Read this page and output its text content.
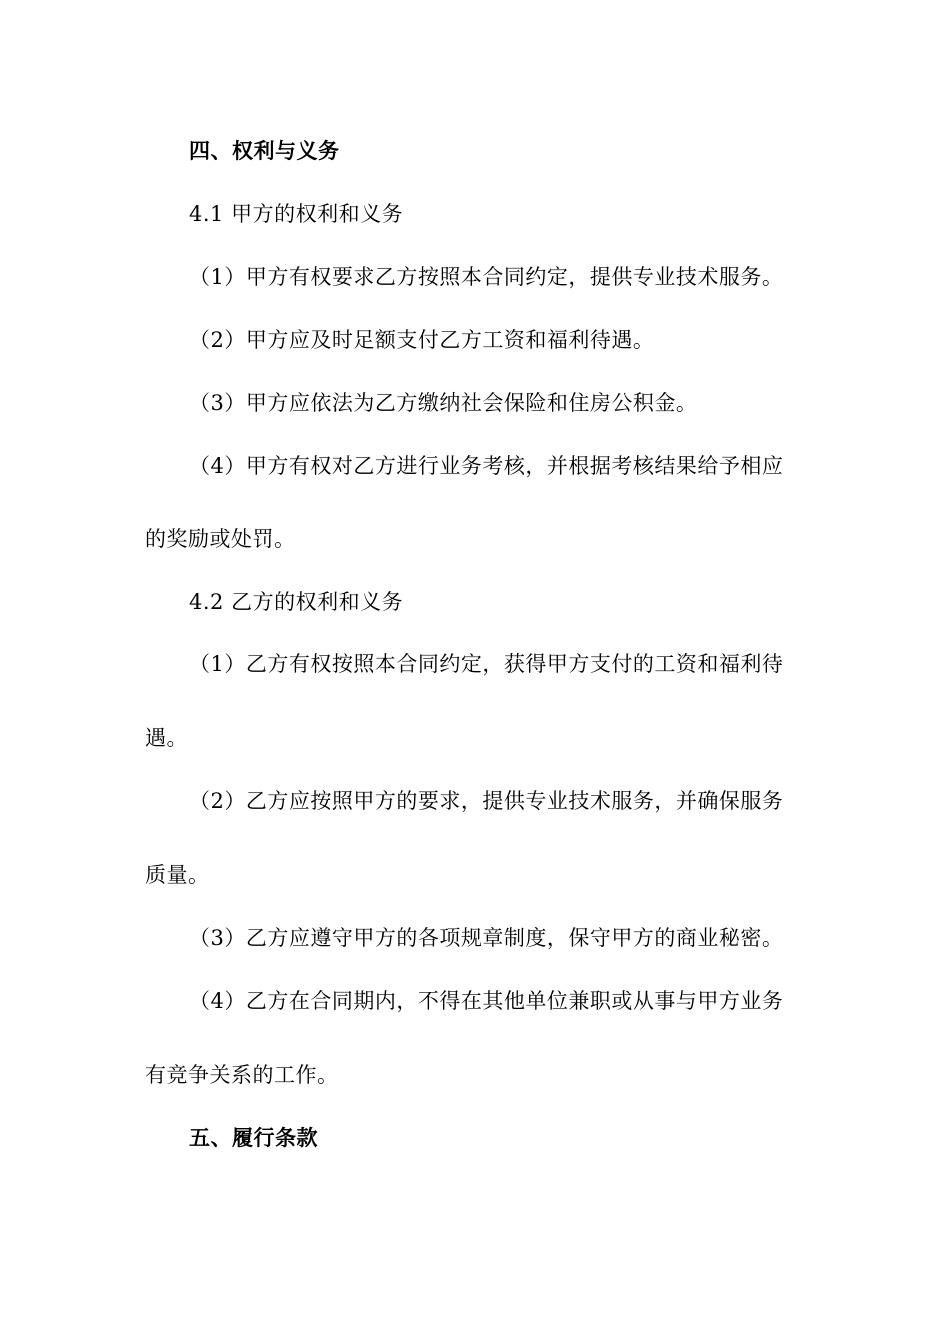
四、权利与义务
4.1 甲方的权利和义务
（1）甲方有权要求乙方按照本合同约定，提供专业技术服务。
（2）甲方应及时足额支付乙方工资和福利待遇。
（3）甲方应依法为乙方缴纳社会保险和住房公积金。
（4）甲方有权对乙方进行业务考核，并根据考核结果给予相应
的奖励或处罚。
4.2 乙方的权利和义务
（1）乙方有权按照本合同约定，获得甲方支付的工资和福利待
遇。
（2）乙方应按照甲方的要求，提供专业技术服务，并确保服务
质量。
（3）乙方应遵守甲方的各项规章制度，保守甲方的商业秘密。
（4）乙方在合同期内，不得在其他单位兼职或从事与甲方业务
有竞争关系的工作。
五、履行条款
